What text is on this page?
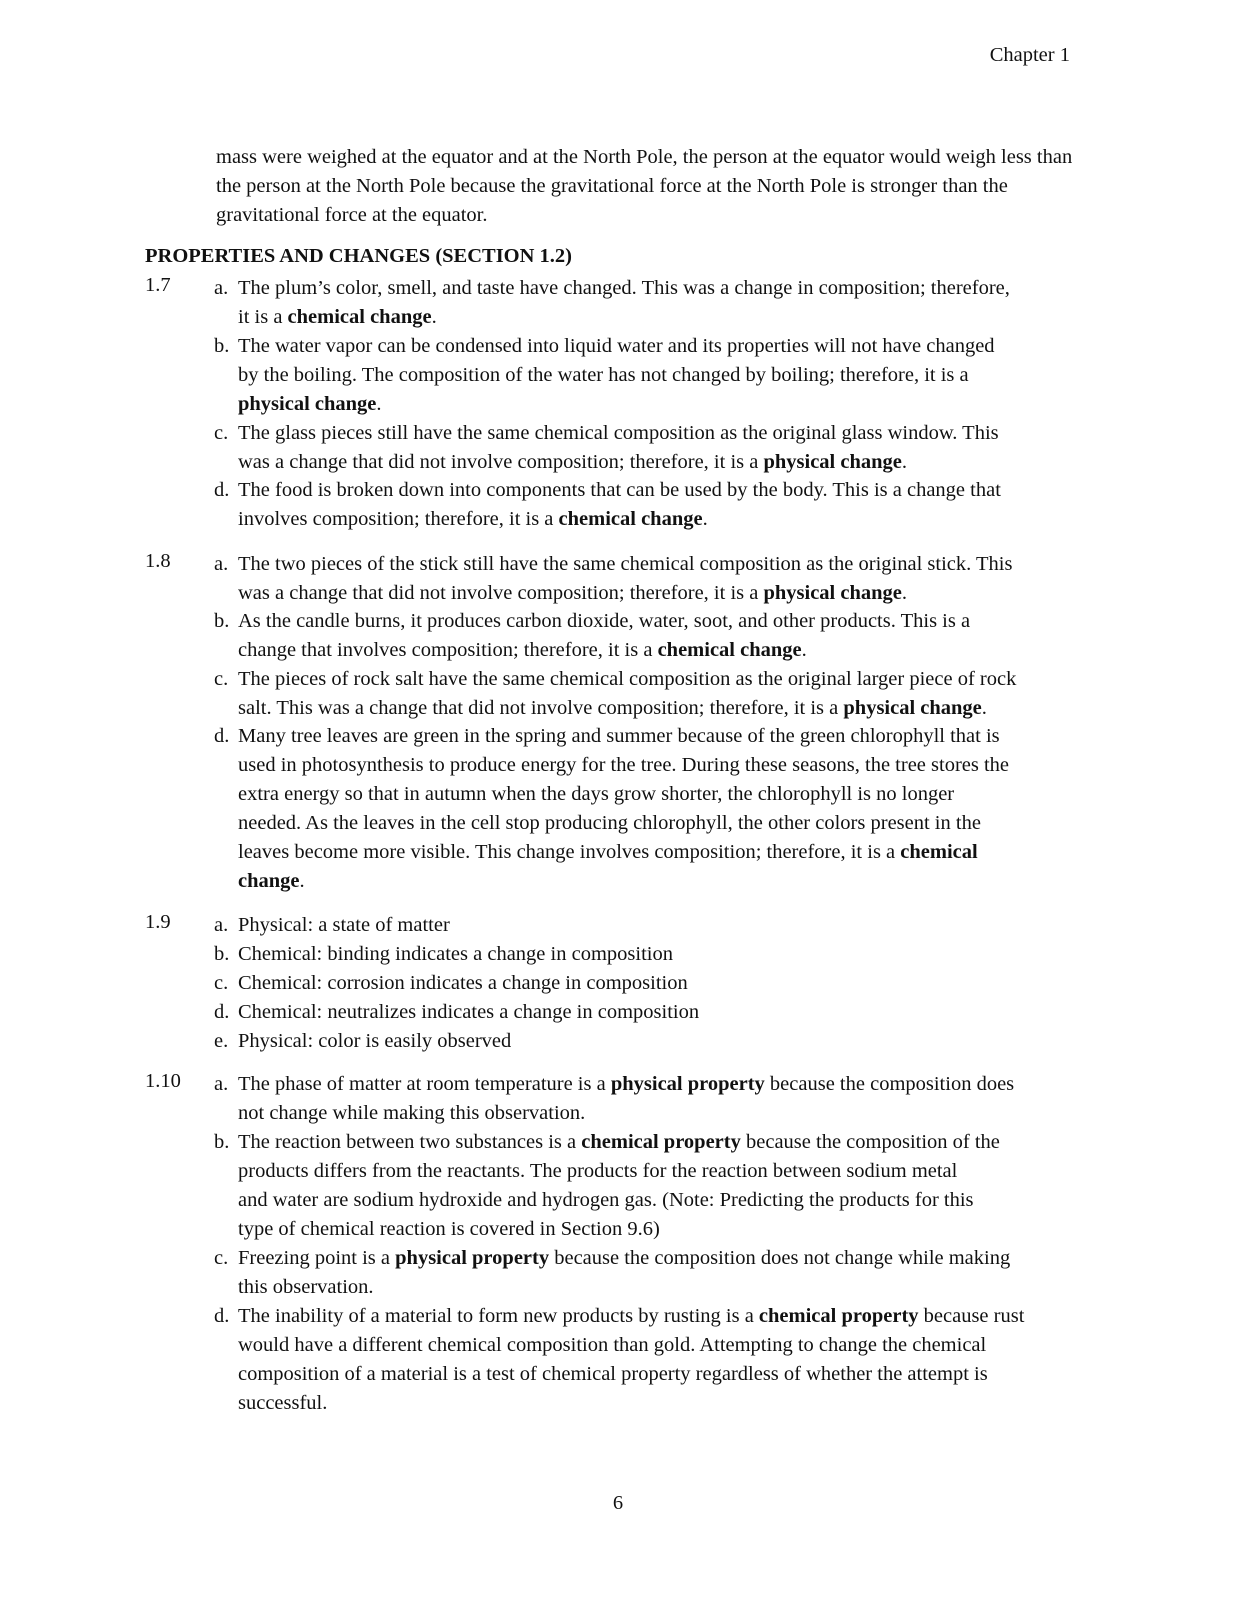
Chapter 1
mass were weighed at the equator and at the North Pole, the person at the equator would weigh less than the person at the North Pole because the gravitational force at the North Pole is stronger than the gravitational force at the equator.
PROPERTIES AND CHANGES (SECTION 1.2)
1.7 a. The plum’s color, smell, and taste have changed. This was a change in composition; therefore,
it is a chemical change.
b. The water vapor can be condensed into liquid water and its properties will not have changed
by the boiling. The composition of the water has not changed by boiling; therefore, it is a
physical change.
c. The glass pieces still have the same chemical composition as the original glass window. This
was a change that did not involve composition; therefore, it is a physical change.
d. The food is broken down into components that can be used by the body. This is a change that
involves composition; therefore, it is a chemical change.
1.8 a. The two pieces of the stick still have the same chemical composition as the original stick. This
was a change that did not involve composition; therefore, it is a physical change.
b. As the candle burns, it produces carbon dioxide, water, soot, and other products. This is a
change that involves composition; therefore, it is a chemical change.
c. The pieces of rock salt have the same chemical composition as the original larger piece of rock
salt. This was a change that did not involve composition; therefore, it is a physical change.
d. Many tree leaves are green in the spring and summer because of the green chlorophyll that is
used in photosynthesis to produce energy for the tree. During these seasons, the tree stores the
extra energy so that in autumn when the days grow shorter, the chlorophyll is no longer
needed. As the leaves in the cell stop producing chlorophyll, the other colors present in the
leaves become more visible. This change involves composition; therefore, it is a chemical
change.
1.9 a. Physical: a state of matter
b. Chemical: binding indicates a change in composition
c. Chemical: corrosion indicates a change in composition
d. Chemical: neutralizes indicates a change in composition
e. Physical: color is easily observed
1.10 a. The phase of matter at room temperature is a physical property because the composition does
not change while making this observation.
b. The reaction between two substances is a chemical property because the composition of the
products differs from the reactants. The products for the reaction between sodium metal
and water are sodium hydroxide and hydrogen gas. (Note: Predicting the products for this
type of chemical reaction is covered in Section 9.6)
c. Freezing point is a physical property because the composition does not change while making
this observation.
d. The inability of a material to form new products by rusting is a chemical property because rust
would have a different chemical composition than gold. Attempting to change the chemical
composition of a material is a test of chemical property regardless of whether the attempt is
successful.
6
